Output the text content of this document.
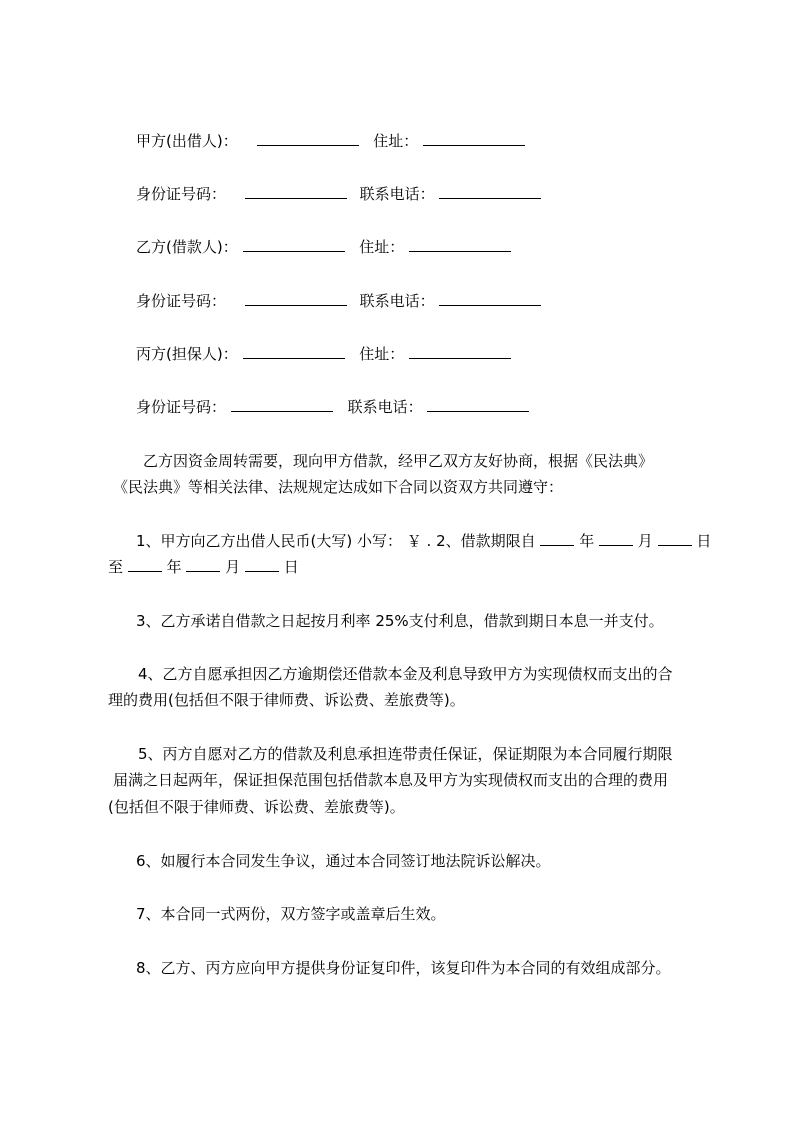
甲方(出借人)：	住址：
身份证号码：	联系电话：
乙方(借款人)：	住址：
身份证号码：	联系电话：
丙方(担保人)：	住址：
身份证号码：	联系电话：
乙方因资金周转需要，现向甲方借款，经甲乙双方友好协商，根据《民法典》
《民法典》等相关法律、法规规定达成如下合同以资双方共同遵守：
1、甲方向乙方出借人民币(大写) 小写： ￥ . 2、借款期限自	年	月	日
至	年	月	日
3、乙方承诺自借款之日起按月利率 25%支付利息，借款到期日本息一并支付。
4、乙方自愿承担因乙方逾期偿还借款本金及利息导致甲方为实现债权而支出的合
理的费用(包括但不限于律师费、诉讼费、差旅费等)。
5、丙方自愿对乙方的借款及利息承担连带责任保证，保证期限为本合同履行期限
届满之日起两年，保证担保范围包括借款本息及甲方为实现债权而支出的合理的费用
(包括但不限于律师费、诉讼费、差旅费等)。
6、如履行本合同发生争议，通过本合同签订地法院诉讼解决。
7、本合同一式两份，双方签字或盖章后生效。
8、乙方、丙方应向甲方提供身份证复印件，该复印件为本合同的有效组成部分。
